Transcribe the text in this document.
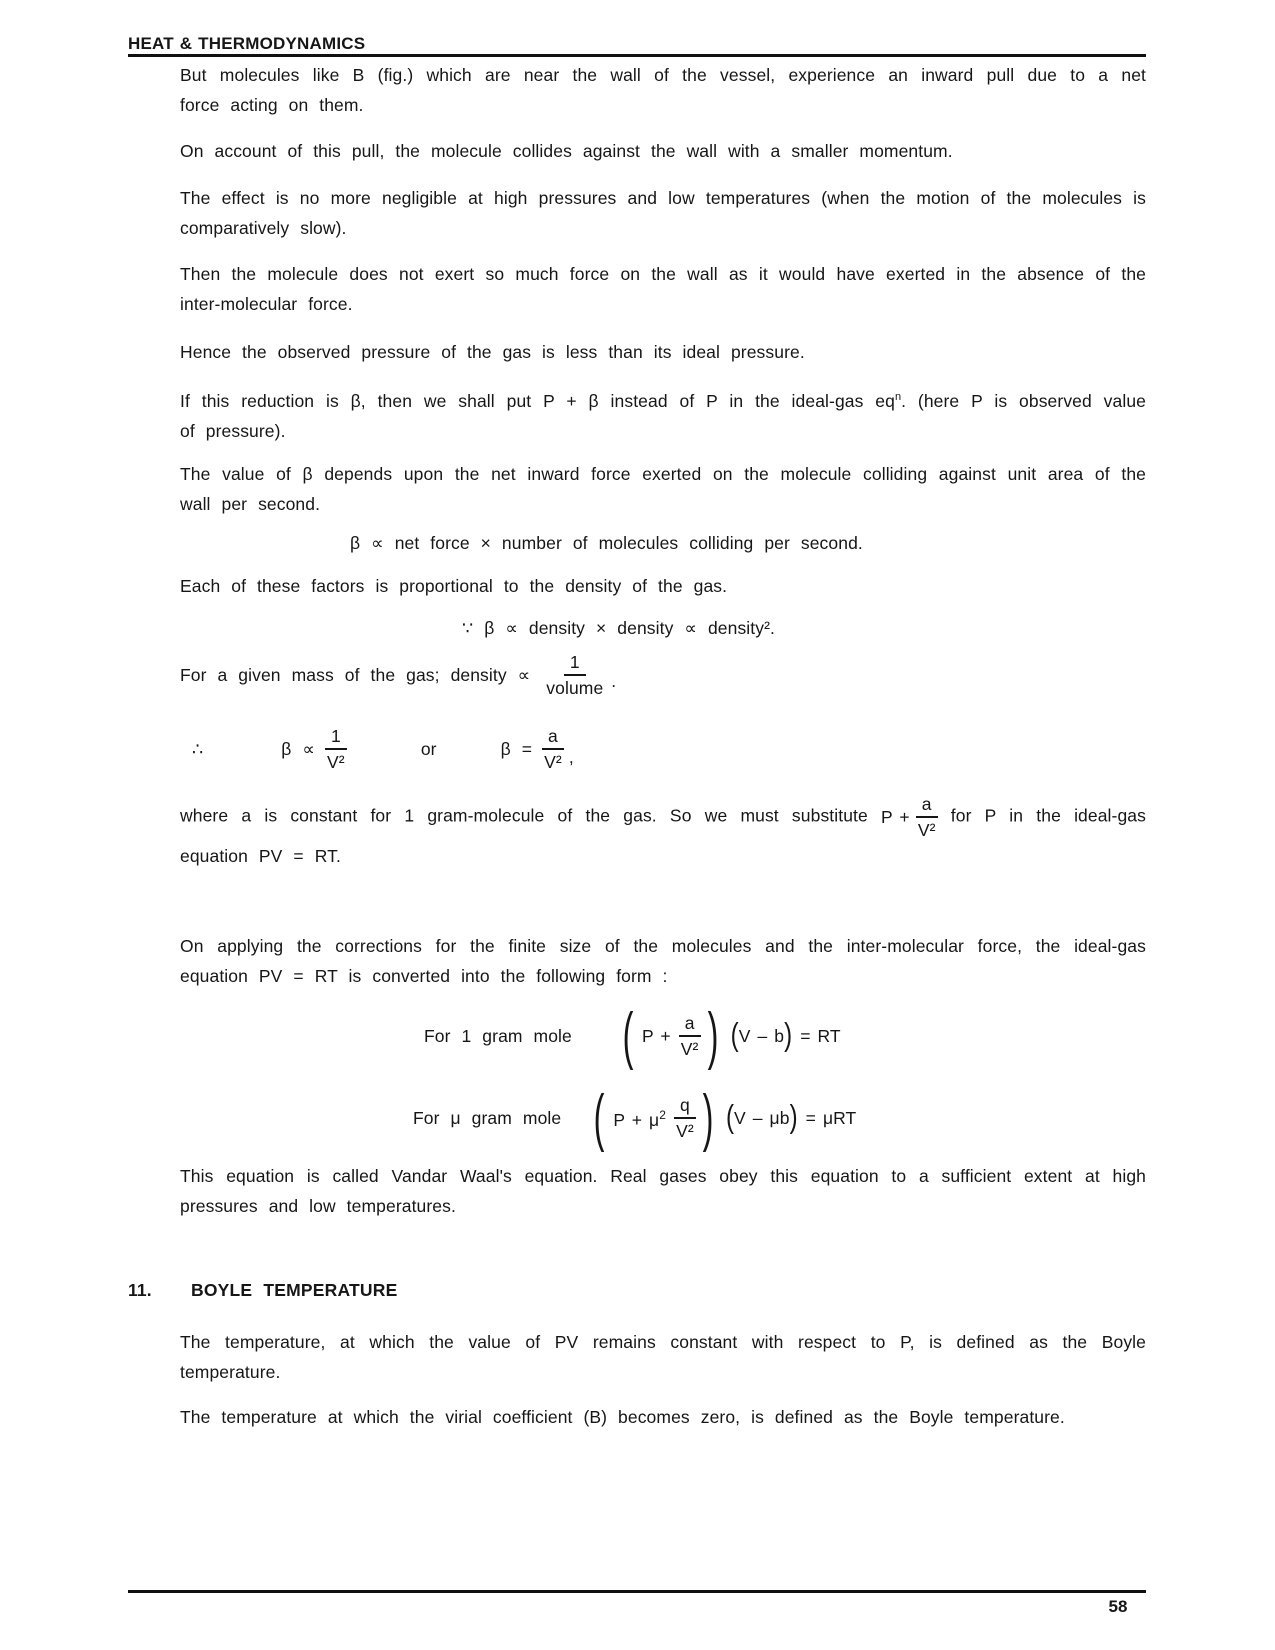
HEAT & THERMODYNAMICS
But molecules like B (fig.) which are near the wall of the vessel, experience an inward pull due to a net force acting on them.
On account of this pull, the molecule collides against the wall with a smaller momentum.
The effect is no more negligible at high pressures and low temperatures (when the motion of the molecules is comparatively slow).
Then the molecule does not exert so much force on the wall as it would have exerted in the absence of the inter-molecular force.
Hence the observed pressure of the gas is less than its ideal pressure.
If this reduction is β, then we shall put P + β instead of P in the ideal-gas $eq^n$. (here P is observed value of pressure).
The value of β depends upon the net inward force exerted on the molecule colliding against unit area of the wall per second.
β ∝ net force × number of molecules colliding per second.
Each of these factors is proportional to the density of the gas.
∵ β ∝ density × density ∝ density².
For a given mass of the gas; density ∝ $\frac{1}{\text{volume}}$ .
∴	$\beta \propto \frac{1}{\text{V²}}$	or	$\beta = \frac{a}{\text{V²}}$ ,
where a is constant for 1 gram-molecule of the gas. So we must substitute $P + \frac{a}{\text{V²}}$ for P in the ideal-gas equation PV = RT.
On applying the corrections for the finite size of the molecules and the inter-molecular force, the ideal-gas equation PV = RT is converted into the following form :
For 1 gram mole ( $P + \frac{a}{\text{V²}}$ ) ( V – b ) = RT
For μ gram mole ( $P + \mu^2 \frac{q}{\text{V²}}$ ) ( V – μb ) = μRT
This equation is called Vandar Waal's equation. Real gases obey this equation to a sufficient extent at high pressures and low temperatures.
11.	BOYLE TEMPERATURE
The temperature, at which the value of PV remains constant with respect to P, is defined as the Boyle temperature.
The temperature at which the virial coefficient (B) becomes zero, is defined as the Boyle temperature.
58
